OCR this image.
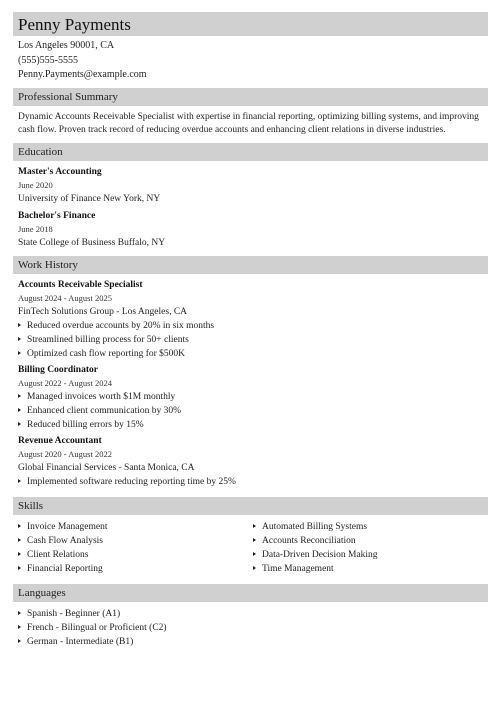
Penny Payments
Los Angeles 90001, CA
(555)555-5555
Penny.Payments@example.com
Professional Summary
Dynamic Accounts Receivable Specialist with expertise in financial reporting, optimizing billing systems, and improving cash flow. Proven track record of reducing overdue accounts and enhancing client relations in diverse industries.
Education
Master's Accounting
June 2020
University of Finance New York, NY
Bachelor's Finance
June 2018
State College of Business Buffalo, NY
Work History
Accounts Receivable Specialist
August 2024 - August 2025
FinTech Solutions Group - Los Angeles, CA
Reduced overdue accounts by 20% in six months
Streamlined billing process for 50+ clients
Optimized cash flow reporting for $500K
Billing Coordinator
August 2022 - August 2024
Managed invoices worth $1M monthly
Enhanced client communication by 30%
Reduced billing errors by 15%
Revenue Accountant
August 2020 - August 2022
Global Financial Services - Santa Monica, CA
Implemented software reducing reporting time by 25%
Skills
Invoice Management
Cash Flow Analysis
Client Relations
Financial Reporting
Automated Billing Systems
Accounts Reconciliation
Data-Driven Decision Making
Time Management
Languages
Spanish - Beginner (A1)
French - Bilingual or Proficient (C2)
German - Intermediate (B1)
